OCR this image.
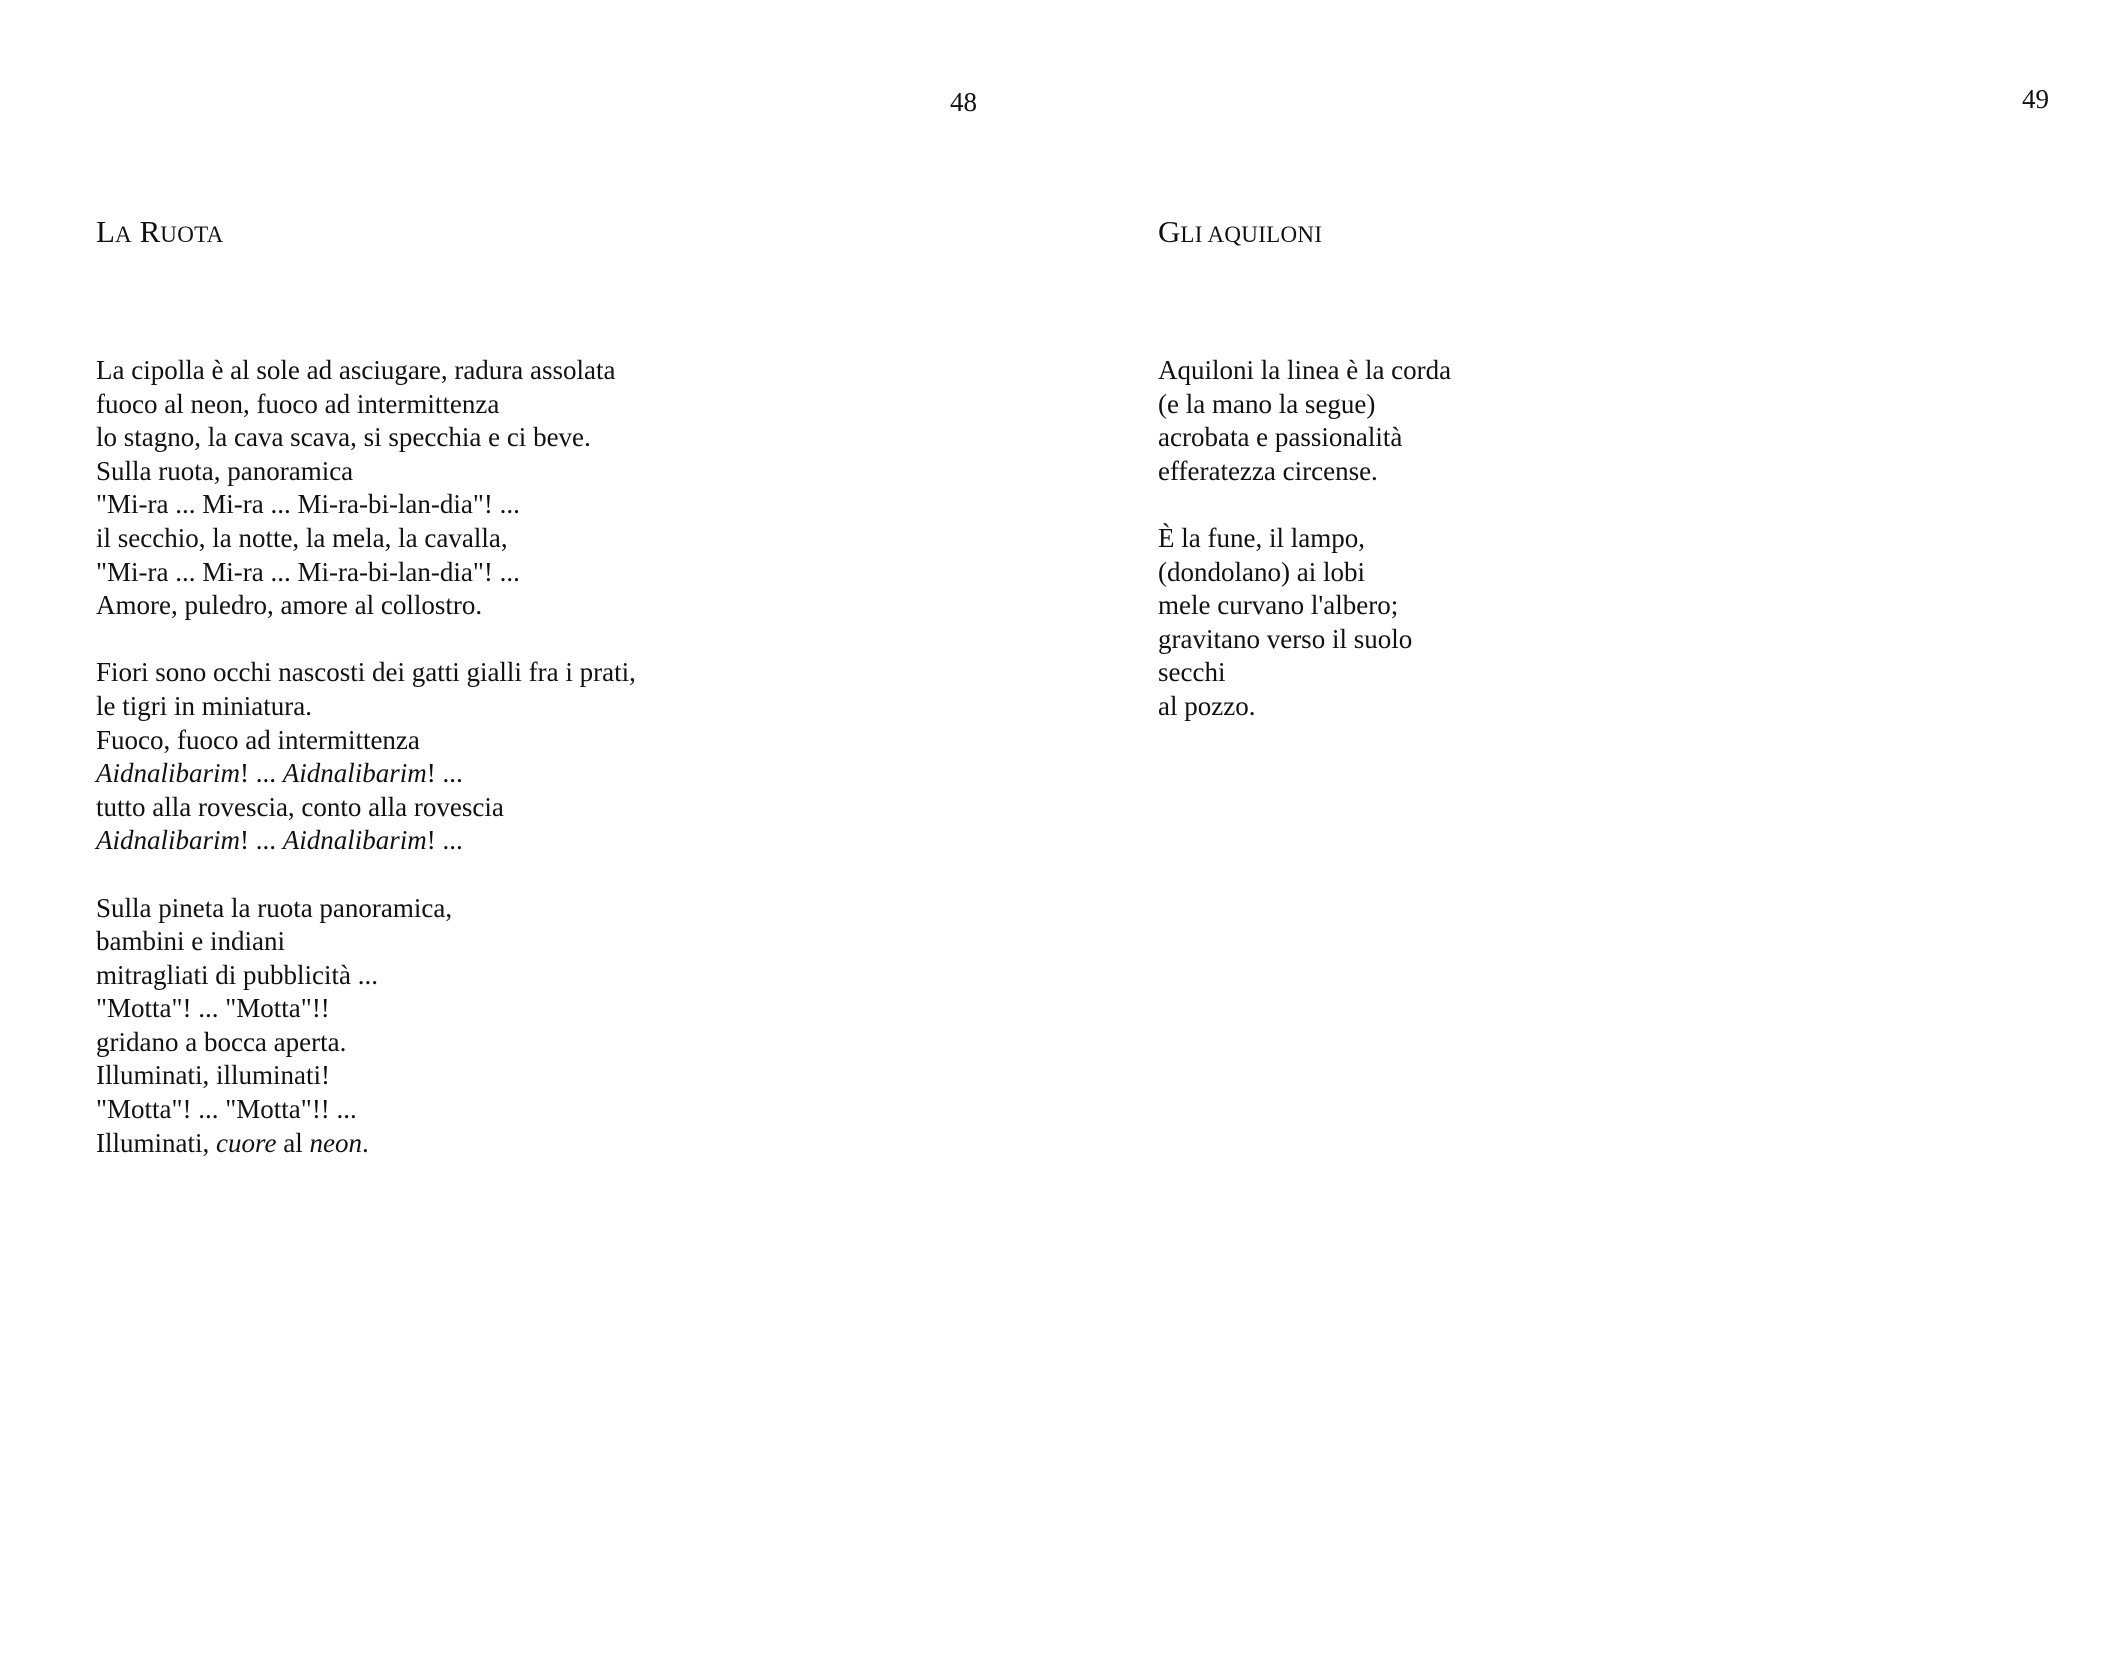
48
LA RUOTA
La cipolla è al sole ad asciugare, radura assolata
fuoco al neon, fuoco ad intermittenza
lo stagno, la cava scava, si specchia e ci beve.
Sulla ruota, panoramica
"Mi-ra ... Mi-ra ... Mi-ra-bi-lan-dia"! ...
il secchio, la notte, la mela, la cavalla,
"Mi-ra ... Mi-ra ... Mi-ra-bi-lan-dia"! ...
Amore, puledro, amore al collostro.
Fiori sono occhi nascosti dei gatti gialli fra i prati,
le tigri in miniatura.
Fuoco, fuoco ad intermittenza
Aidnalibarim! ... Aidnalibarim! ...
tutto alla rovescia, conto alla rovescia
Aidnalibarim! ... Aidnalibarim! ...
Sulla pineta la ruota panoramica,
bambini e indiani
mitragliati di pubblicità ...
"Motta"! ... "Motta"!!
gridano a bocca aperta.
Illuminati, illuminati!
"Motta"! ... "Motta"!! ...
Illuminati, cuore al neon.
49
GLI AQUILONI
Aquiloni la linea è la corda
(e la mano la segue)
acrobata e passionalità
efferatezza circense.
È la fune, il lampo,
(dondolano) ai lobi
mele curvano l'albero;
gravitano verso il suolo
secchi
al pozzo.
